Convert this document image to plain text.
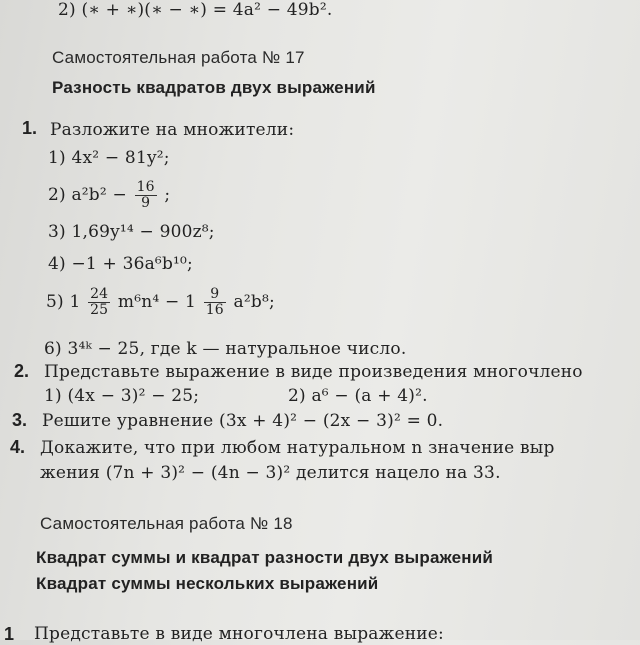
2) (∗ + ∗)(∗ − ∗) = 4a² − 49b².
Самостоятельная работа № 17
Разность квадратов двух выражений
1. Разложите на множители:
1) 4x² − 81y²;
2) $a^2b^2 - \frac{16}{9}$ ;
3) 1,69y¹⁴ − 900z⁸;
4) −1 + 36a⁶b¹⁰;
5) $1 \frac{24}{25} m^6n^4 - 1 \frac{9}{16} a^2b^8$;
6) 3⁴ᵏ − 25, где k — натуральное число.
2. Представьте выражение в виде произведения многочлено
1) (4x − 3)² − 25;	2) a⁶ − (a + 4)².
3. Решите уравнение (3x + 4)² − (2x − 3)² = 0.
4. Докажите, что при любом натуральном n значение выр
жения (7n + 3)² − (4n − 3)² делится нацело на 33.
Самостоятельная работа № 18
Квадрат суммы и квадрат разности двух выражений
Квадрат суммы нескольких выражений
1 Представьте в виде многочлена выражение:
